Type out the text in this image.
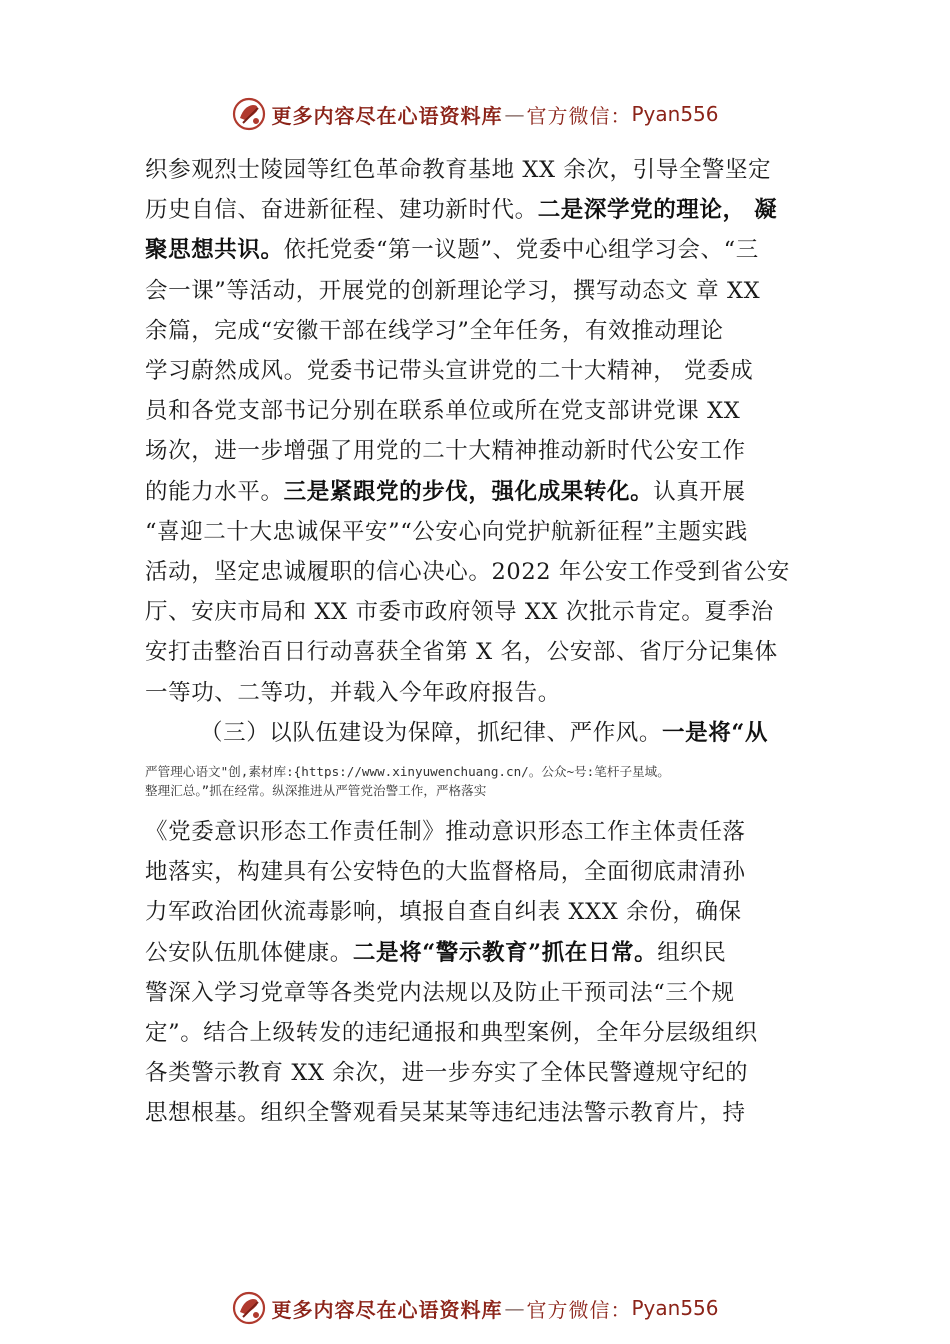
更多内容尽在心语资料库 — 官方微信： Pyan556
织参观烈士陵园等红色革命教育基地 XX 余次，引导全警坚定
历史自信、奋进新征程、建功新时代。二是深学党的理论， 凝
聚思想共识。依托党委“第一议题”、党委中心组学习会、“三
会一课”等活动，开展党的创新理论学习，撰写动态文 章 XX
余篇，完成“安徽干部在线学习”全年任务，有效推动理论
学习蔚然成风。党委书记带头宣讲党的二十大精神， 党委成
员和各党支部书记分别在联系单位或所在党支部讲党课 XX
场次，进一步增强了用党的二十大精神推动新时代公安工作
的能力水平。三是紧跟党的步伐，强化成果转化。认真开展
“喜迎二十大忠诚保平安”“公安心向党护航新征程”主题实践
活动，坚定忠诚履职的信心决心。2022 年公安工作受到省公安
厅、安庆市局和 XX 市委市政府领导 XX 次批示肯定。夏季治
安打击整治百日行动喜获全省第 X 名，公安部、省厅分记集体
一等功、二等功，并载入今年政府报告。
（三）以队伍建设为保障，抓纪律、严作风。一是将“从
严管理心语文"创,素材库:{https://www.xinyuwenchuang.cn/。公众~号:笔杆子星域。
整理汇总。”抓在经常。纵深推进从严管党治警工作，严格落实
《党委意识形态工作责任制》推动意识形态工作主体责任落
地落实，构建具有公安特色的大监督格局，全面彻底肃清孙
力军政治团伙流毒影响，填报自查自纠表 XXX 余份，确保
公安队伍肌体健康。二是将“警示教育”抓在日常。组织民
警深入学习党章等各类党内法规以及防止干预司法“三个规
定”。结合上级转发的违纪通报和典型案例，全年分层级组织
各类警示教育 XX 余次，进一步夯实了全体民警遵规守纪的
思想根基。组织全警观看吴某某等违纪违法警示教育片，持
更多内容尽在心语资料库 — 官方微信： Pyan556
